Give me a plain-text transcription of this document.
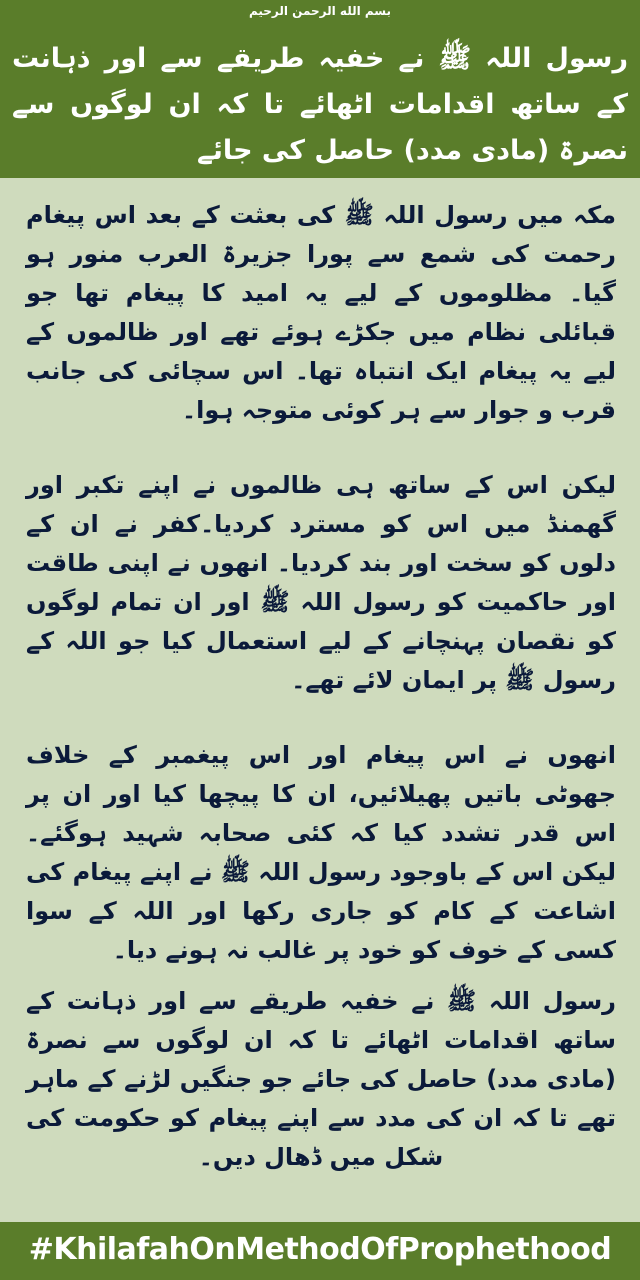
بسم الله الرحمن الرحيم
رسول اللہ ﷺ نے خفیہ طریقے سے اور ذہانت کے ساتھ اقدامات اٹھائے تا کہ ان لوگوں سے نصرۃ (مادی مدد) حاصل کی جائے

مکہ میں رسول اللہ ﷺ کی بعثت کے بعد اس پیغام رحمت کی شمع سے پورا جزیرۃ العرب منور ہو گیا۔ مظلوموں کے لیے یہ امید کا پیغام تھا جو قبائلی نظام میں جکڑے ہوئے تھے اور ظالموں کے لیے یہ پیغام ایک انتباہ تھا۔ اس سچائی کی جانب قرب و جوار سے ہر کوئی متوجہ ہوا۔

لیکن اس کے ساتھ ہی ظالموں نے اپنے تکبر اور گھمنڈ میں اس کو مسترد کردیا۔کفر نے ان کے دلوں کو سخت اور بند کردیا۔ انھوں نے اپنی طاقت اور حاکمیت کو رسول اللہ ﷺ اور ان تمام لوگوں کو نقصان پہنچانے کے لیے استعمال کیا جو اللہ کے رسول ﷺ پر ایمان لائے تھے۔

انھوں نے اس پیغام اور اس پیغمبر کے خلاف جھوٹی باتیں پھیلائیں، ان کا پیچھا کیا اور ان پر اس قدر تشدد کیا کہ کئی صحابہ شہید ہوگئے۔ لیکن اس کے باوجود رسول اللہ ﷺ نے اپنے پیغام کی اشاعت کے کام کو جاری رکھا اور اللہ کے سوا کسی کے خوف کو خود پر غالب نہ ہونے دیا۔

رسول اللہ ﷺ نے خفیہ طریقے سے اور ذہانت کے ساتھ اقدامات اٹھائے تا کہ ان لوگوں سے نصرۃ (مادی مدد) حاصل کی جائے جو جنگیں لڑنے کے ماہر تھے تا کہ ان کی مدد سے اپنے پیغام کو حکومت کی شکل میں ڈھال دیں۔

#KhilafahOnMethodOfProphethood
